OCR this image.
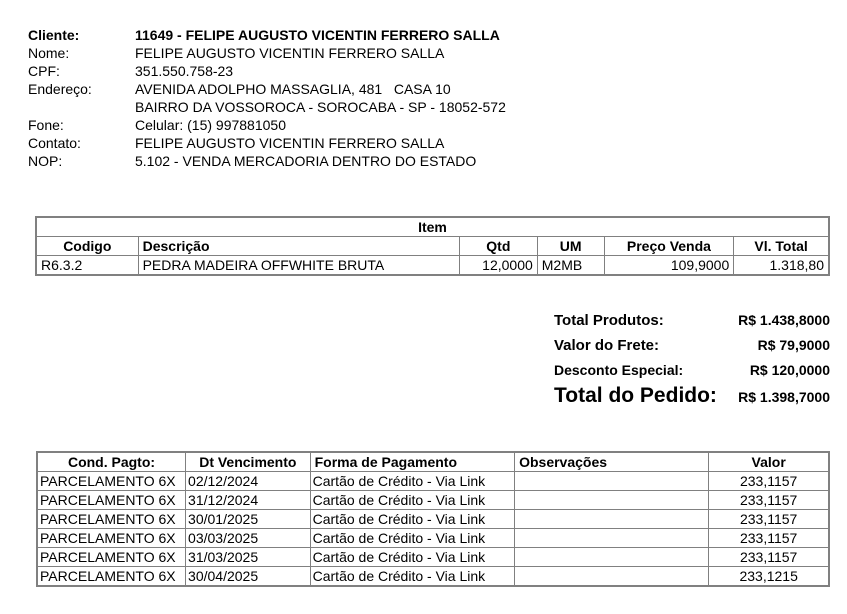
Cliente:	11649 - FELIPE AUGUSTO VICENTIN FERRERO SALLA
Nome:	FELIPE AUGUSTO VICENTIN FERRERO SALLA
CPF:	351.550.758-23
Endereço:	AVENIDA ADOLPHO MASSAGLIA, 481   CASA 10
BAIRRO DA VOSSOROCA - SOROCABA - SP - 18052-572
Fone:	Celular: (15) 997881050
Contato:	FELIPE AUGUSTO VICENTIN FERRERO SALLA
NOP:	5.102 - VENDA MERCADORIA DENTRO DO ESTADO
Item					
Codigo	Descrição	Qtd	UM	Preço Venda	Vl. Total
R6.3.2	PEDRA MADEIRA OFFWHITE BRUTA	12,0000	M2MB	109,9000	1.318,80
Total Produtos:	R$ 1.438,8000
Valor do Frete:	R$ 79,9000
Desconto Especial:	R$ 120,0000
Total do Pedido: R$ 1.398,7000
Cond. Pagto:	Dt Vencimento	Forma de Pagamento	Observações	Valor
PARCELAMENTO 6X	02/12/2024	Cartão de Crédito - Via Link		233,1157
PARCELAMENTO 6X	31/12/2024	Cartão de Crédito - Via Link		233,1157
PARCELAMENTO 6X	30/01/2025	Cartão de Crédito - Via Link		233,1157
PARCELAMENTO 6X	03/03/2025	Cartão de Crédito - Via Link		233,1157
PARCELAMENTO 6X	31/03/2025	Cartão de Crédito - Via Link		233,1157
PARCELAMENTO 6X	30/04/2025	Cartão de Crédito - Via Link		233,1215
